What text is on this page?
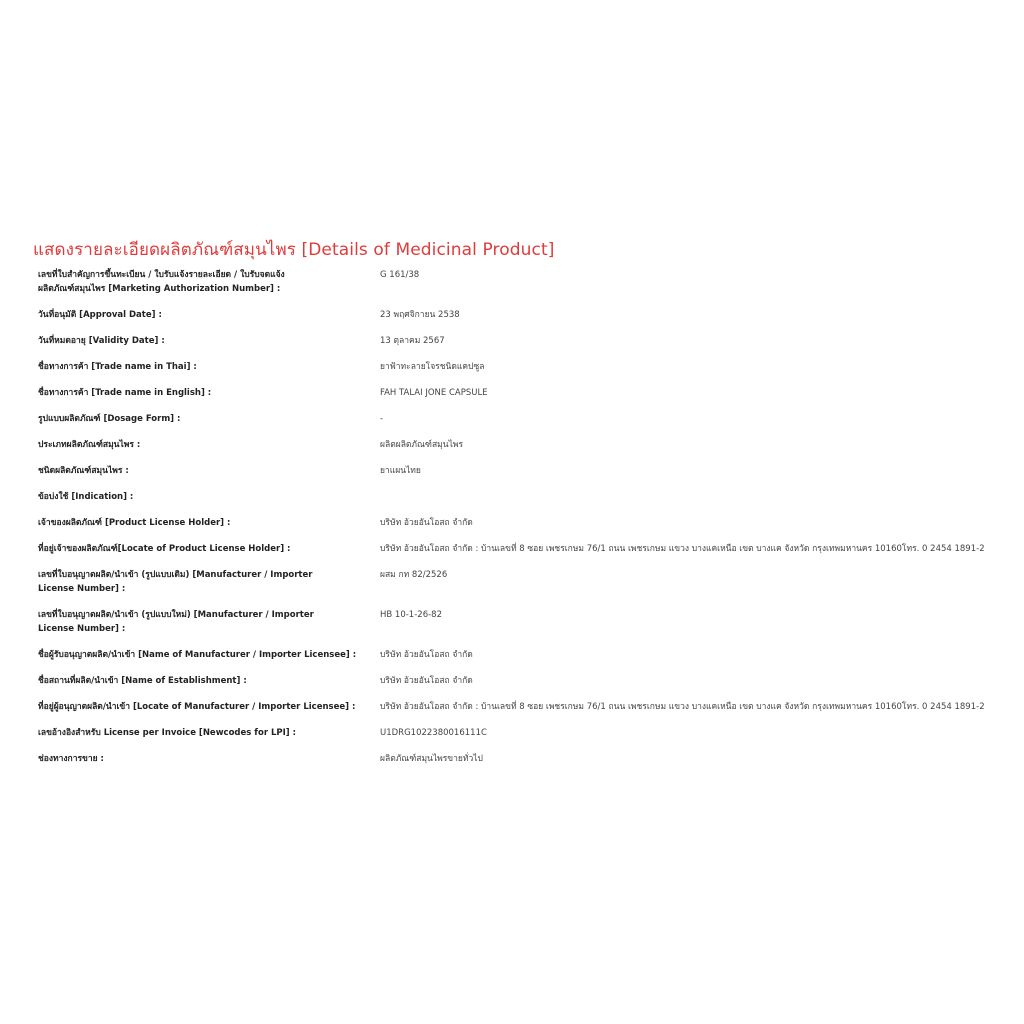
แสดงรายละเอียดผลิตภัณฑ์สมุนไพร [Details of Medicinal Product]
เลขที่ใบสำคัญการขึ้นทะเบียน / ใบรับแจ้งรายละเอียด / ใบรับจดแจ้ง
ผลิตภัณฑ์สมุนไพร [Marketing Authorization Number] :
G 161/38
วันที่อนุมัติ [Approval Date] :	23 พฤศจิกายน 2538
วันที่หมดอายุ [Validity Date] :	13 ตุลาคม 2567
ชื่อทางการค้า [Trade name in Thai] :	ยาฟ้าทะลายโจรชนิดแคปซูล
ชื่อทางการค้า [Trade name in English] :	FAH TALAI JONE CAPSULE
รูปแบบผลิตภัณฑ์ [Dosage Form] :	-
ประเภทผลิตภัณฑ์สมุนไพร :	ผลิตผลิตภัณฑ์สมุนไพร
ชนิดผลิตภัณฑ์สมุนไพร :	ยาแผนไทย
ข้อบ่งใช้ [Indication] :
เจ้าของผลิตภัณฑ์ [Product License Holder] :	บริษัท อ้วยอันโอสถ จำกัด
ที่อยู่เจ้าของผลิตภัณฑ์[Locate of Product License Holder] :	บริษัท อ้วยอันโอสถ จำกัด : บ้านเลขที่ 8 ซอย เพชรเกษม 76/1 ถนน เพชรเกษม แขวง บางแคเหนือ เขต บางแค จังหวัด กรุงเทพมหานคร 10160โทร. 0 2454 1891-2
เลขที่ใบอนุญาตผลิต/นำเข้า (รูปแบบเดิม) [Manufacturer / Importer
License Number] :
ผสม กท 82/2526
เลขที่ใบอนุญาตผลิต/นำเข้า (รูปแบบใหม่) [Manufacturer / Importer
License Number] :
HB 10-1-26-82
ชื่อผู้รับอนุญาตผลิต/นำเข้า [Name of Manufacturer / Importer Licensee] :	บริษัท อ้วยอันโอสถ จำกัด
ชื่อสถานที่ผลิต/นำเข้า [Name of Establishment] :	บริษัท อ้วยอันโอสถ จำกัด
ที่อยู่ผู้อนุญาตผลิต/นำเข้า [Locate of Manufacturer / Importer Licensee] :	บริษัท อ้วยอันโอสถ จำกัด : บ้านเลขที่ 8 ซอย เพชรเกษม 76/1 ถนน เพชรเกษม แขวง บางแคเหนือ เขต บางแค จังหวัด กรุงเทพมหานคร 10160โทร. 0 2454 1891-2
เลขอ้างอิงสำหรับ License per Invoice [Newcodes for LPI] :	U1DRG1022380016111C
ช่องทางการขาย :	ผลิตภัณฑ์สมุนไพรขายทั่วไป
